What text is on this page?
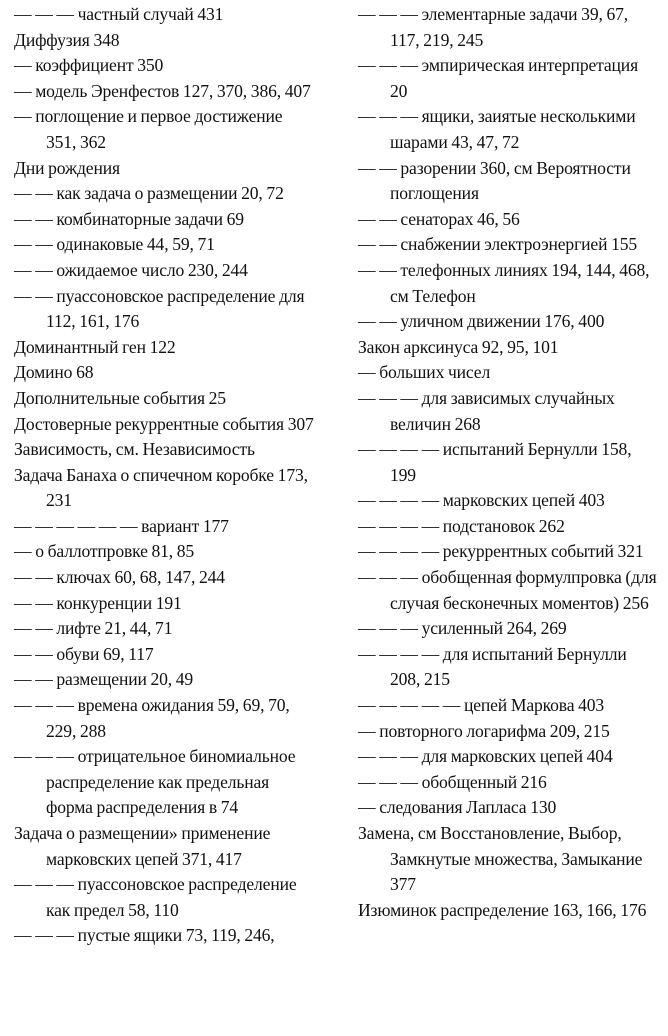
— — — частный случай 431
Диффузия 348
— коэффициент 350
— модель Эренфестов 127, 370, 386, 407
— поглощение и первое достижение 351, 362
Дни рождения
— — как задача о размещении 20, 72
— — комбинаторные задачи 69
— — одинаковые 44, 59, 71
— — ожидаемое число 230, 244
— — пуассоновское распределение для 112, 161, 176
Доминантный ген 122
Домино 68
Дополнительные события 25
Достоверные рекуррентные события 307
Зависимость, см. Независимость
Задача Банаха о спичечном коробке 173, 231
— — — — — — вариант 177
— о баллотпровке 81, 85
— — ключах 60, 68, 147, 244
— — конкуренции 191
— — лифте 21, 44, 71
— — обуви 69, 117
— — размещении 20, 49
— — — времена ожидания 59, 69, 70, 229, 288
— — — отрицательное биномиальное распределение как предельная форма распределения в 74
Задача о размещении» применение марковских цепей 371, 417
— — — пуассоновское распределение как предел 58, 110
— — — пустые ящики 73, 119, 246,
— — — элементарные задачи 39, 67, 117, 219, 245
— — — эмпирическая интерпретация 20
— — — ящики, заиятые несколькими шарами 43, 47, 72
— — разорении 360, см Вероятности поглощения
— — сенаторах 46, 56
— — снабжении электроэнергией 155
— — телефонных линиях 194, 144, 468, см Телефон
— — уличном движении 176, 400
Закон арксинуса 92, 95, 101
— больших чисел
— — — для зависимых случайных величин 268
— — — — испытаний Бернулли 158, 199
— — — — марковских цепей 403
— — — — подстановок 262
— — — — рекуррентных событий 321
— — — обобщенная формулпровка (для случая бесконечных моментов) 256
— — — усиленный 264, 269
— — — — для испытаний Бернулли 208, 215
— — — — — цепей Маркова 403
— повторного логарифма 209, 215
— — — для марковских цепей 404
— — — обобщенный 216
— следования Лапласа 130
Замена, см Восстановление, Выбор, Замкнутые множества, Замыкание 377
Изюминок распределение 163, 166, 176
